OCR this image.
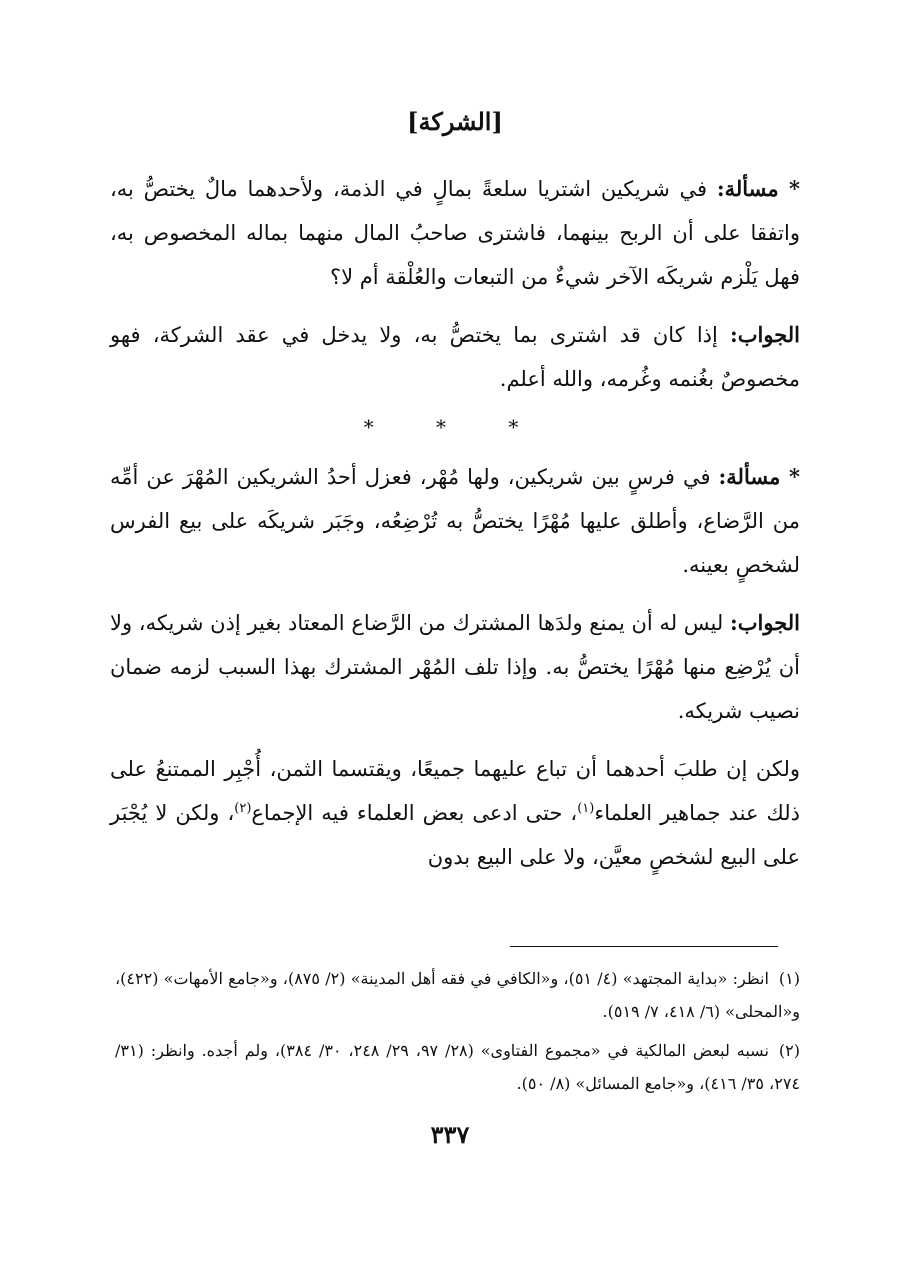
[الشركة]

* مسألة: في شريكين اشتريا سلعةً بمالٍ في الذمة، ولأحدهما مالٌ يختصُّ به، واتفقا على أن الربح بينهما، فاشترى صاحبُ المال منهما بماله المخصوص به، فهل يَلْزم شريكَه الآخر شيءٌ من التبعات والعُلْقة أم لا؟

الجواب: إذا كان قد اشترى بما يختصُّ به، ولا يدخل في عقد الشركة، فهو مخصوصٌ بغُنمه وغُرمه، والله أعلم.

* * *

* مسألة: في فرسٍ بين شريكين، ولها مُهْر، فعزل أحدُ الشريكين المُهْرَ عن أمِّه من الرَّضاع، وأطلق عليها مُهْرًا يختصُّ به تُرْضِعُه، وجَبَر شريكَه على بيع الفرس لشخصٍ بعينه.

الجواب: ليس له أن يمنع ولدَها المشترك من الرَّضاع المعتاد بغير إذن شريكه، ولا أن يُرْضِع منها مُهْرًا يختصُّ به. وإذا تلف المُهْر المشترك بهذا السبب لزمه ضمان نصيب شريكه.

ولكن إن طلبَ أحدهما أن تباع عليهما جميعًا، ويقتسما الثمن، أُجْبِر الممتنعُ على ذلك عند جماهير العلماء$^{(١)}$، حتى ادعى بعض العلماء فيه الإجماع$^{(٢)}$، ولكن لا يُجْبَر على البيع لشخصٍ معيَّن، ولا على البيع بدون

(١)انظر: «بداية المجتهد» (٤/ ٥١)، و«الكافي في فقه أهل المدينة» (٢/ ٨٧٥)، و«جامع الأمهات» (٤٢٢)، و«المحلى» (٦/ ٤١٨، ٧/ ٥١٩).

(٢)نسبه لبعض المالكية في «مجموع الفتاوى» (٢٨/ ٩٧، ٢٩/ ٢٤٨، ٣٠/ ٣٨٤)، ولم أجده. وانظر: (٣١/ ٢٧٤، ٣٥/ ٤١٦)، و«جامع المسائل» (٨/ ٥٠).

٣٣٧
